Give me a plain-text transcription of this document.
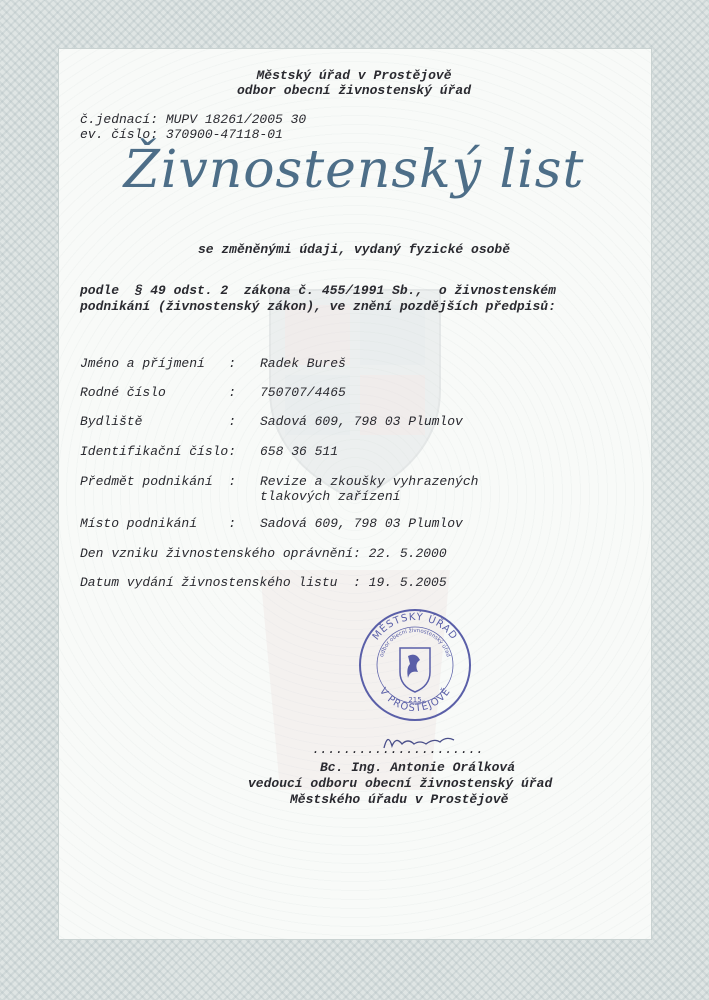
Městský úřad v Prostějově
odbor obecní živnostenský úřad
č.jednací: MUPV 18261/2005 30
ev. číslo: 370900-47118-01
Živnostenský list
se změněnými údaji, vydaný fyzické osobě
podle  § 49 odst. 2  zákona č. 455/1991 Sb.,  o živnostenském
podnikání (živnostenský zákon), ve znění pozdějších předpisů:
Jméno a příjmení   : Radek Bureš
Rodné číslo        : 750707/4465
Bydliště           : Sadová 609, 798 03 Plumlov
Identifikační číslo: 658 36 511
Předmět podnikání  : Revize a zkoušky vyhrazených
tlakových zařízení
Místo podnikání    : Sadová 609, 798 03 Plumlov
Den vzniku živnostenského oprávnění: 22. 5.2000
Datum vydání živnostenského listu  : 19. 5.2005
MĚSTSKÝ ÚŘAD
odbor obecní živnostenský úřad
V PROSTĚJOVĚ
215
......................
Bc. Ing. Antonie Orálková
vedoucí odboru obecní živnostenský úřad
Městského úřadu v Prostějově
